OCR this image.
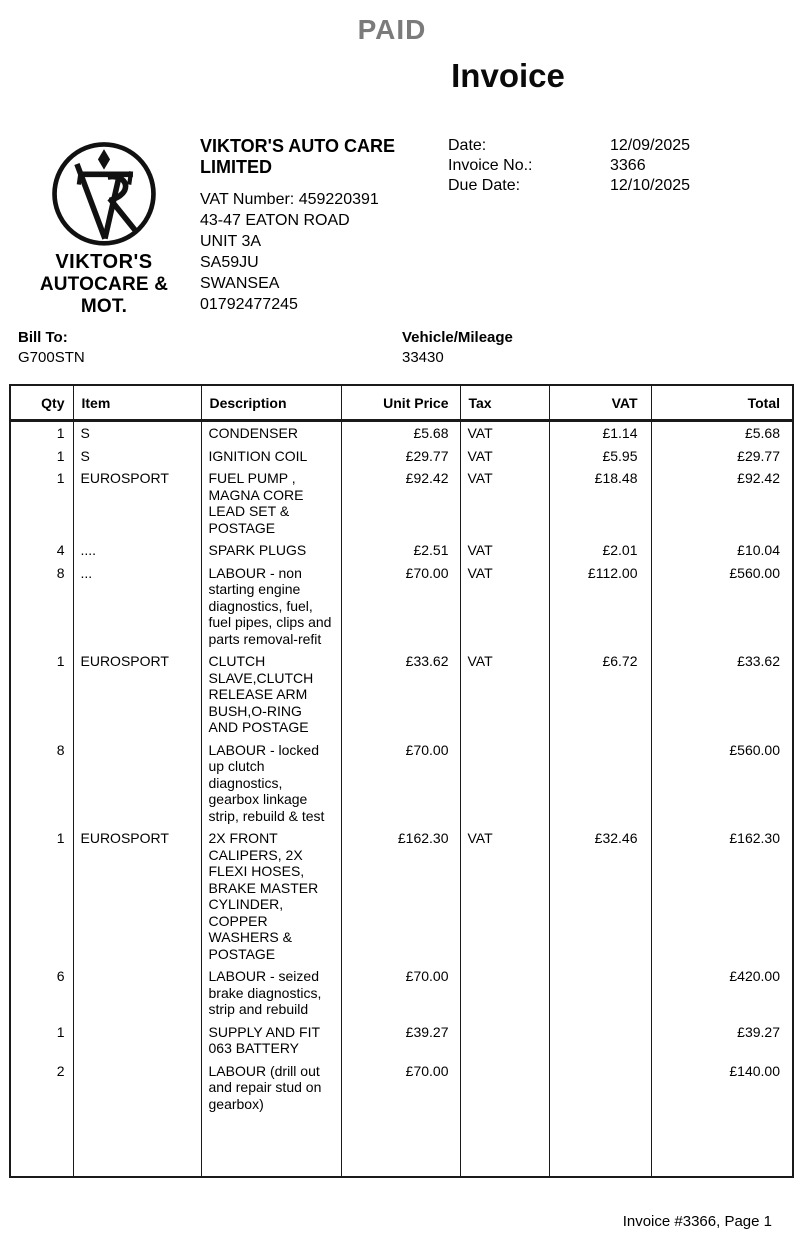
PAID
Invoice
VIKTOR'S
AUTOCARE & MOT.
VIKTOR'S AUTO CARE LIMITED
VAT Number: 459220391
43-47 EATON ROAD
UNIT 3A
SA59JU
SWANSEA
01792477245
Date:	12/09/2025
Invoice No.:	3366
Due Date:	12/10/2025
Bill To:
G700STN
Vehicle/Mileage
33430
Qty	Item	Description	Unit Price	Tax	VAT	Total
1	S	CONDENSER	£5.68	VAT	£1.14	£5.68
1	S	IGNITION COIL	£29.77	VAT	£5.95	£29.77
1	EUROSPORT	FUEL PUMP , MAGNA CORE LEAD SET & POSTAGE	£92.42	VAT	£18.48	£92.42
4	....	SPARK PLUGS	£2.51	VAT	£2.01	£10.04
8	...	LABOUR - non starting engine diagnostics, fuel, fuel pipes, clips and parts removal-refit	£70.00	VAT	£112.00	£560.00
1	EUROSPORT	CLUTCH SLAVE,CLUTCH RELEASE ARM BUSH,O-RING AND POSTAGE	£33.62	VAT	£6.72	£33.62
8		LABOUR - locked up clutch diagnostics, gearbox linkage strip, rebuild & test	£70.00			£560.00
1	EUROSPORT	2X FRONT CALIPERS, 2X FLEXI HOSES, BRAKE MASTER CYLINDER, COPPER WASHERS & POSTAGE	£162.30	VAT	£32.46	£162.30
6		LABOUR - seized brake diagnostics, strip and rebuild	£70.00			£420.00
1		SUPPLY AND FIT 063 BATTERY	£39.27			£39.27
2		LABOUR (drill out and repair stud on gearbox)	£70.00			£140.00

Invoice #3366, Page 1
